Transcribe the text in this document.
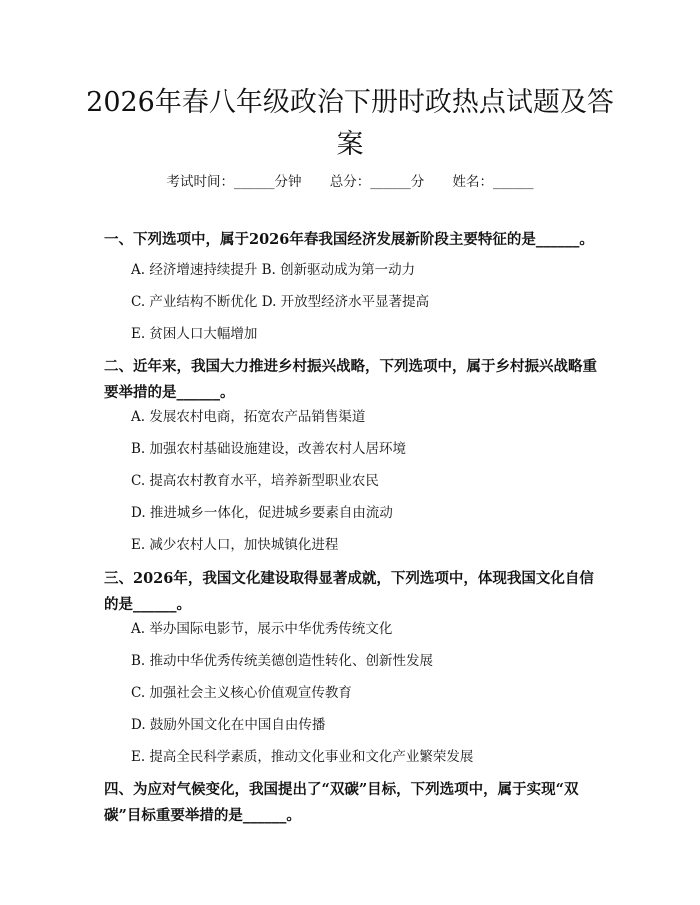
2026年春八年级政治下册时政热点试题及答案
考试时间：______分钟 总分：______分 姓名：______
一、下列选项中，属于2026年春我国经济发展新阶段主要特征的是______。
A. 经济增速持续提升 B. 创新驱动成为第一动力
C. 产业结构不断优化 D. 开放型经济水平显著提高
E. 贫困人口大幅增加
二、近年来，我国大力推进乡村振兴战略，下列选项中，属于乡村振兴战略重要举措的是______。
A. 发展农村电商，拓宽农产品销售渠道
B. 加强农村基础设施建设，改善农村人居环境
C. 提高农村教育水平，培养新型职业农民
D. 推进城乡一体化，促进城乡要素自由流动
E. 减少农村人口，加快城镇化进程
三、2026年，我国文化建设取得显著成就，下列选项中，体现我国文化自信的是______。
A. 举办国际电影节，展示中华优秀传统文化
B. 推动中华优秀传统美德创造性转化、创新性发展
C. 加强社会主义核心价值观宣传教育
D. 鼓励外国文化在中国自由传播
E. 提高全民科学素质，推动文化事业和文化产业繁荣发展
四、为应对气候变化，我国提出了“双碳”目标，下列选项中，属于实现“双碳”目标重要举措的是______。
